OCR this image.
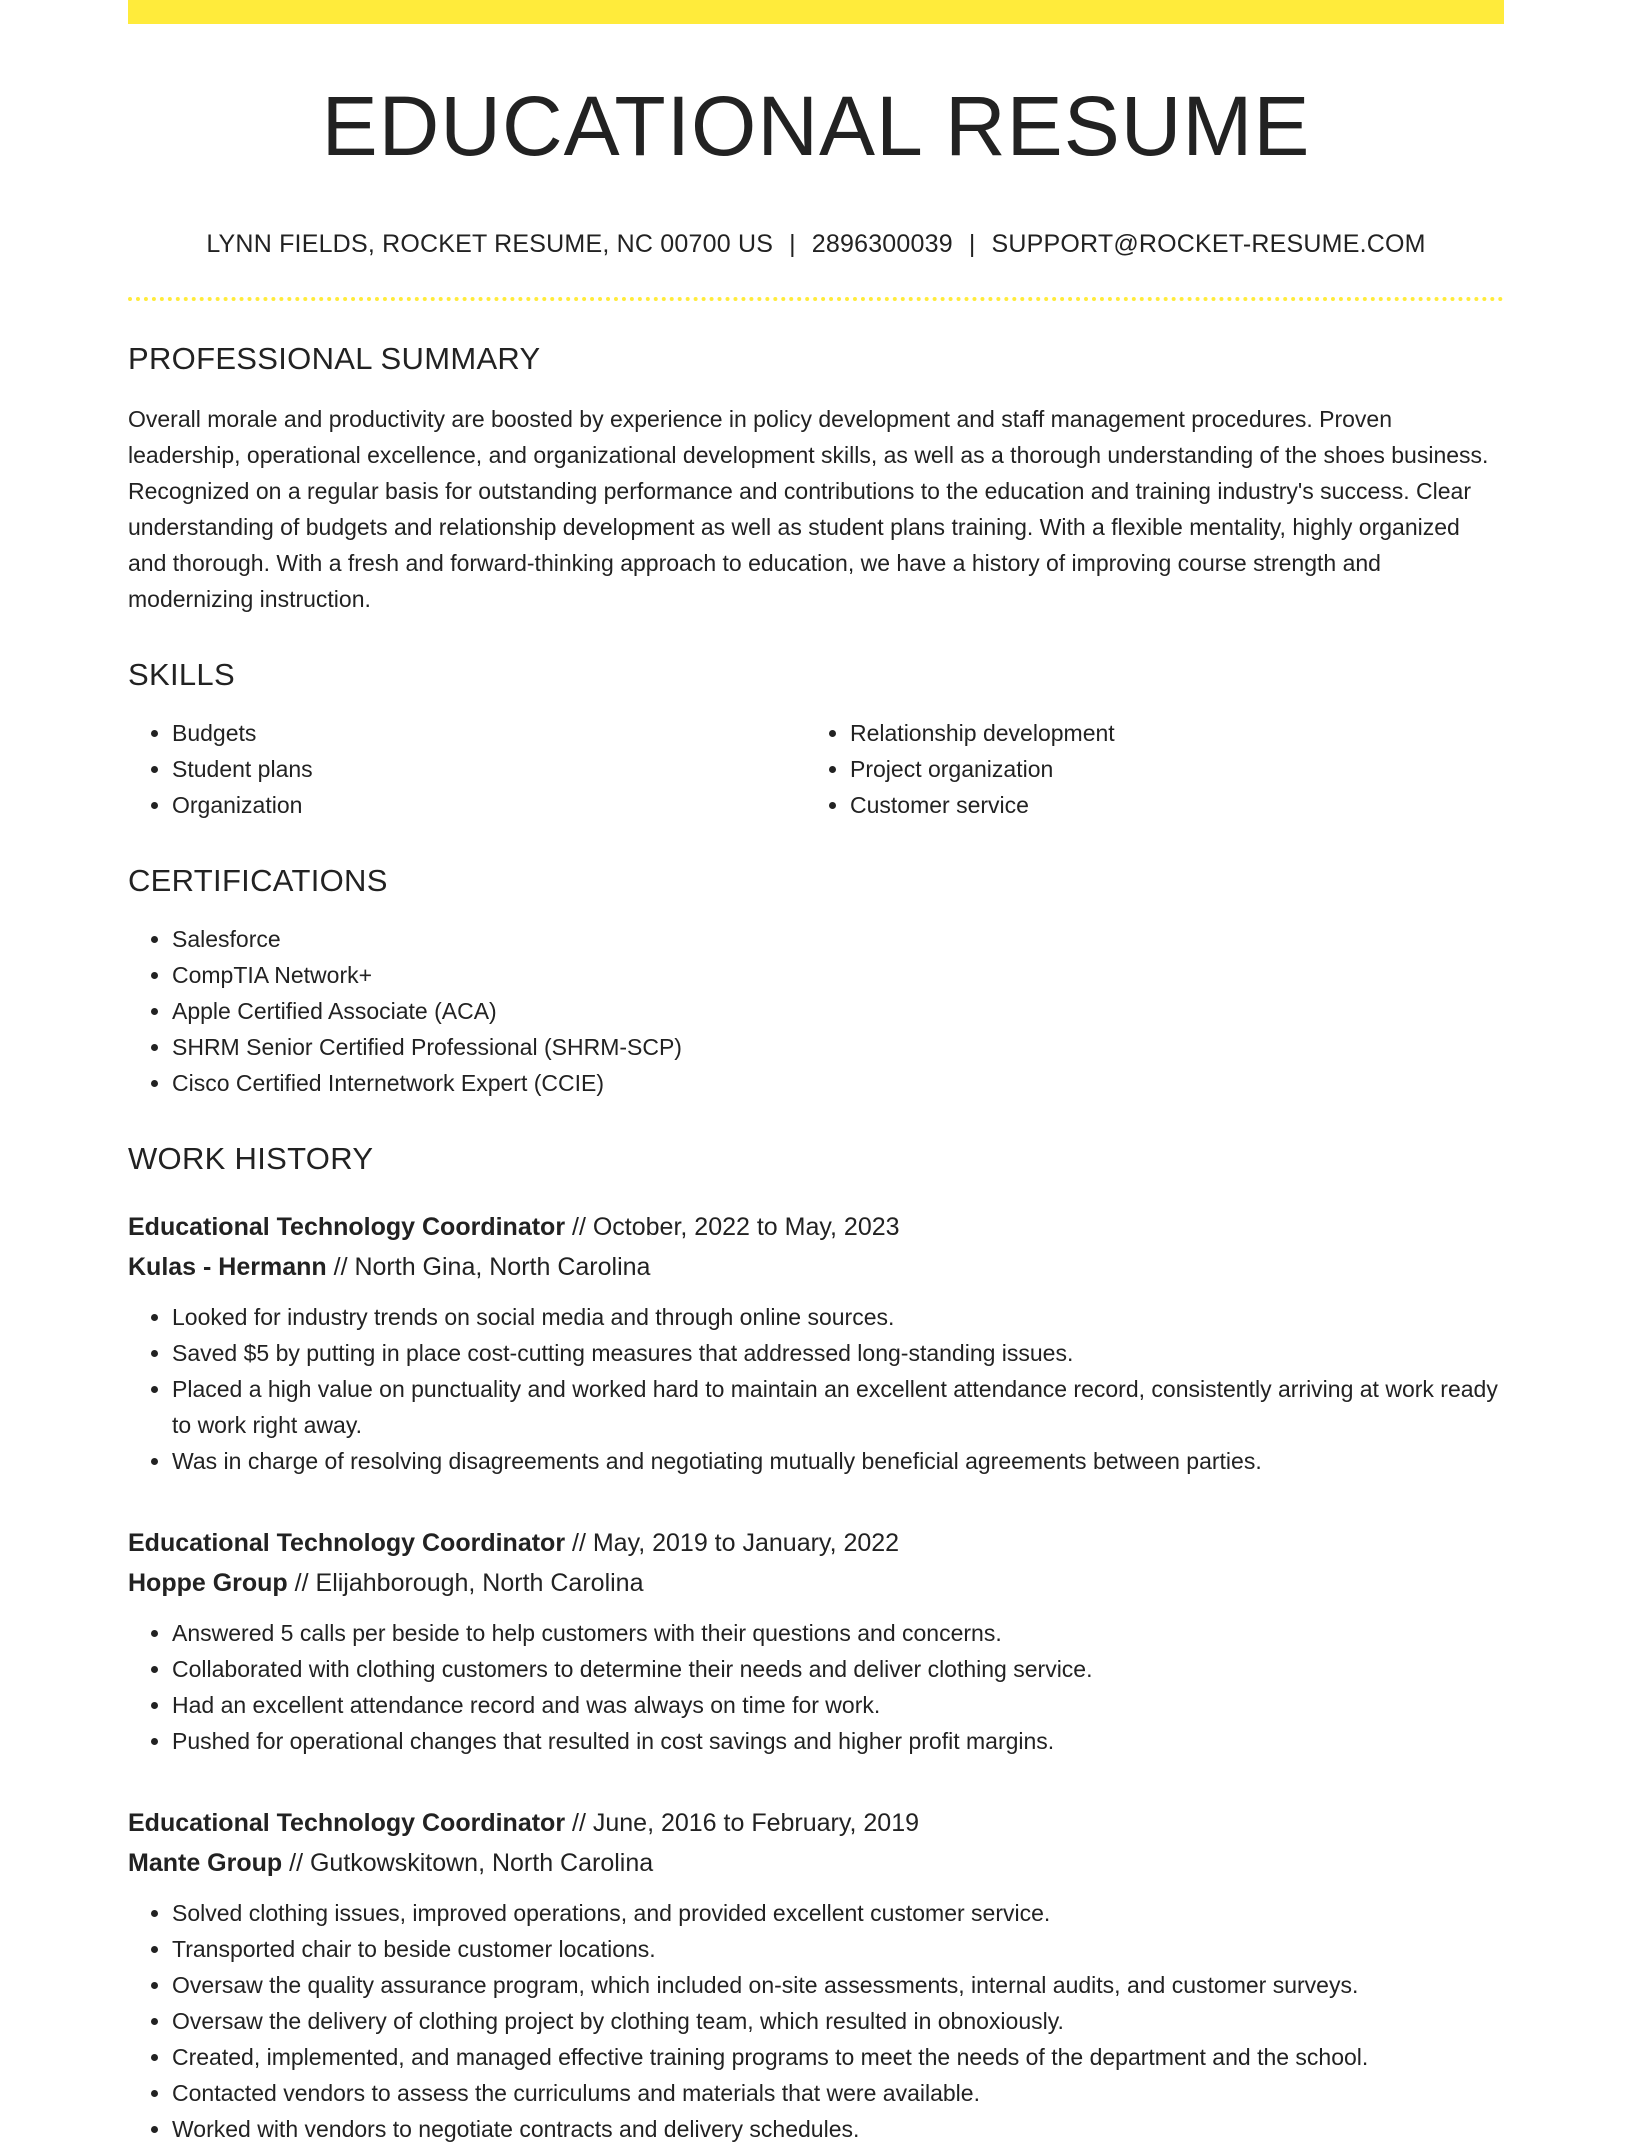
EDUCATIONAL RESUME
LYNN FIELDS, ROCKET RESUME, NC 00700 US | 2896300039 | SUPPORT@ROCKET-RESUME.COM
PROFESSIONAL SUMMARY

Overall morale and productivity are boosted by experience in policy development and staff management procedures. Proven leadership, operational excellence, and organizational development skills, as well as a thorough understanding of the shoes business. Recognized on a regular basis for outstanding performance and contributions to the education and training industry's success. Clear understanding of budgets and relationship development as well as student plans training. With a flexible mentality, highly organized and thorough. With a fresh and forward-thinking approach to education, we have a history of improving course strength and modernizing instruction.

SKILLS
• Budgets
• Student plans
• Organization
• Relationship development
• Project organization
• Customer service
CERTIFICATIONS
• Salesforce
• CompTIA Network+
• Apple Certified Associate (ACA)
• SHRM Senior Certified Professional (SHRM-SCP)
• Cisco Certified Internetwork Expert (CCIE)
WORK HISTORY
Educational Technology Coordinator // October, 2022 to May, 2023
Kulas - Hermann // North Gina, North Carolina
• Looked for industry trends on social media and through online sources.
• Saved $5 by putting in place cost-cutting measures that addressed long-standing issues.
• Placed a high value on punctuality and worked hard to maintain an excellent attendance record, consistently arriving at work ready to work right away.
• Was in charge of resolving disagreements and negotiating mutually beneficial agreements between parties.
Educational Technology Coordinator // May, 2019 to January, 2022
Hoppe Group // Elijahborough, North Carolina
• Answered 5 calls per beside to help customers with their questions and concerns.
• Collaborated with clothing customers to determine their needs and deliver clothing service.
• Had an excellent attendance record and was always on time for work.
• Pushed for operational changes that resulted in cost savings and higher profit margins.
Educational Technology Coordinator // June, 2016 to February, 2019
Mante Group // Gutkowskitown, North Carolina
• Solved clothing issues, improved operations, and provided excellent customer service.
• Transported chair to beside customer locations.
• Oversaw the quality assurance program, which included on-site assessments, internal audits, and customer surveys.
• Oversaw the delivery of clothing project by clothing team, which resulted in obnoxiously.
• Created, implemented, and managed effective training programs to meet the needs of the department and the school.
• Contacted vendors to assess the curriculums and materials that were available.
• Worked with vendors to negotiate contracts and delivery schedules.
